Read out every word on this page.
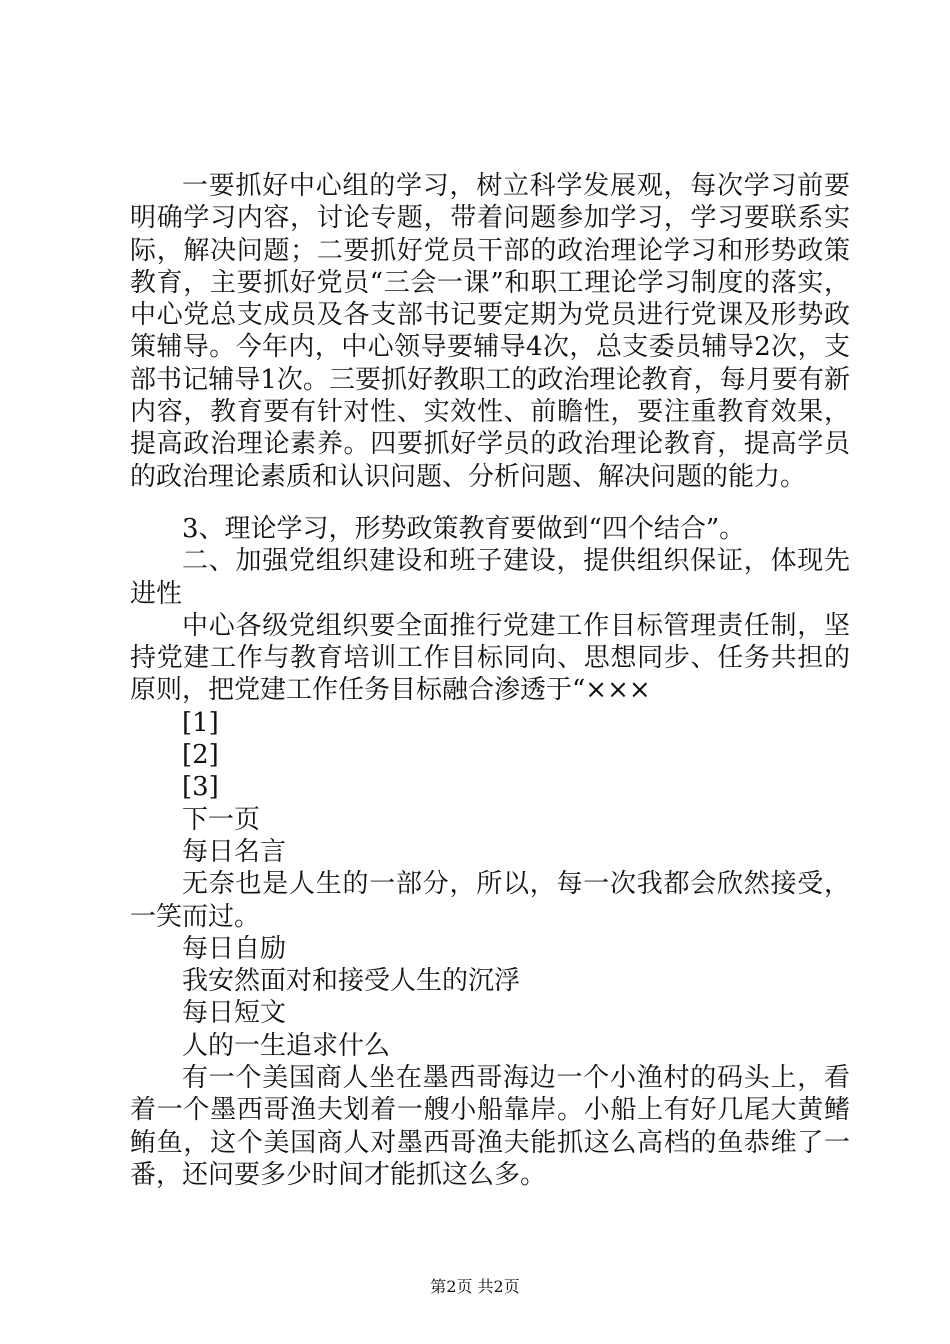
一要抓好中心组的学习，树立科学发展观，每次学习前要明确学习内容，讨论专题，带着问题参加学习，学习要联系实际，解决问题；二要抓好党员干部的政治理论学习和形势政策教育，主要抓好党员“三会一课”和职工理论学习制度的落实，中心党总支成员及各支部书记要定期为党员进行党课及形势政策辅导。今年内，中心领导要辅导4次，总支委员辅导2次，支部书记辅导1次。三要抓好教职工的政治理论教育，每月要有新内容，教育要有针对性、实效性、前瞻性，要注重教育效果，提高政治理论素养。四要抓好学员的政治理论教育，提高学员的政治理论素质和认识问题、分析问题、解决问题的能力。

3、理论学习，形势政策教育要做到“四个结合”。

二、加强党组织建设和班子建设，提供组织保证，体现先进性

中心各级党组织要全面推行党建工作目标管理责任制，坚持党建工作与教育培训工作目标同向、思想同步、任务共担的原则，把党建工作任务目标融合渗透于“×××

[1]

[2]

[3]

下一页

每日名言

无奈也是人生的一部分，所以，每一次我都会欣然接受，一笑而过。

每日自励

我安然面对和接受人生的沉浮

每日短文

人的一生追求什么

有一个美国商人坐在墨西哥海边一个小渔村的码头上，看着一个墨西哥渔夫划着一艘小船靠岸。小船上有好几尾大黄鳍鲔鱼，这个美国商人对墨西哥渔夫能抓这么高档的鱼恭维了一番，还问要多少时间才能抓这么多。

第2页 共2页
